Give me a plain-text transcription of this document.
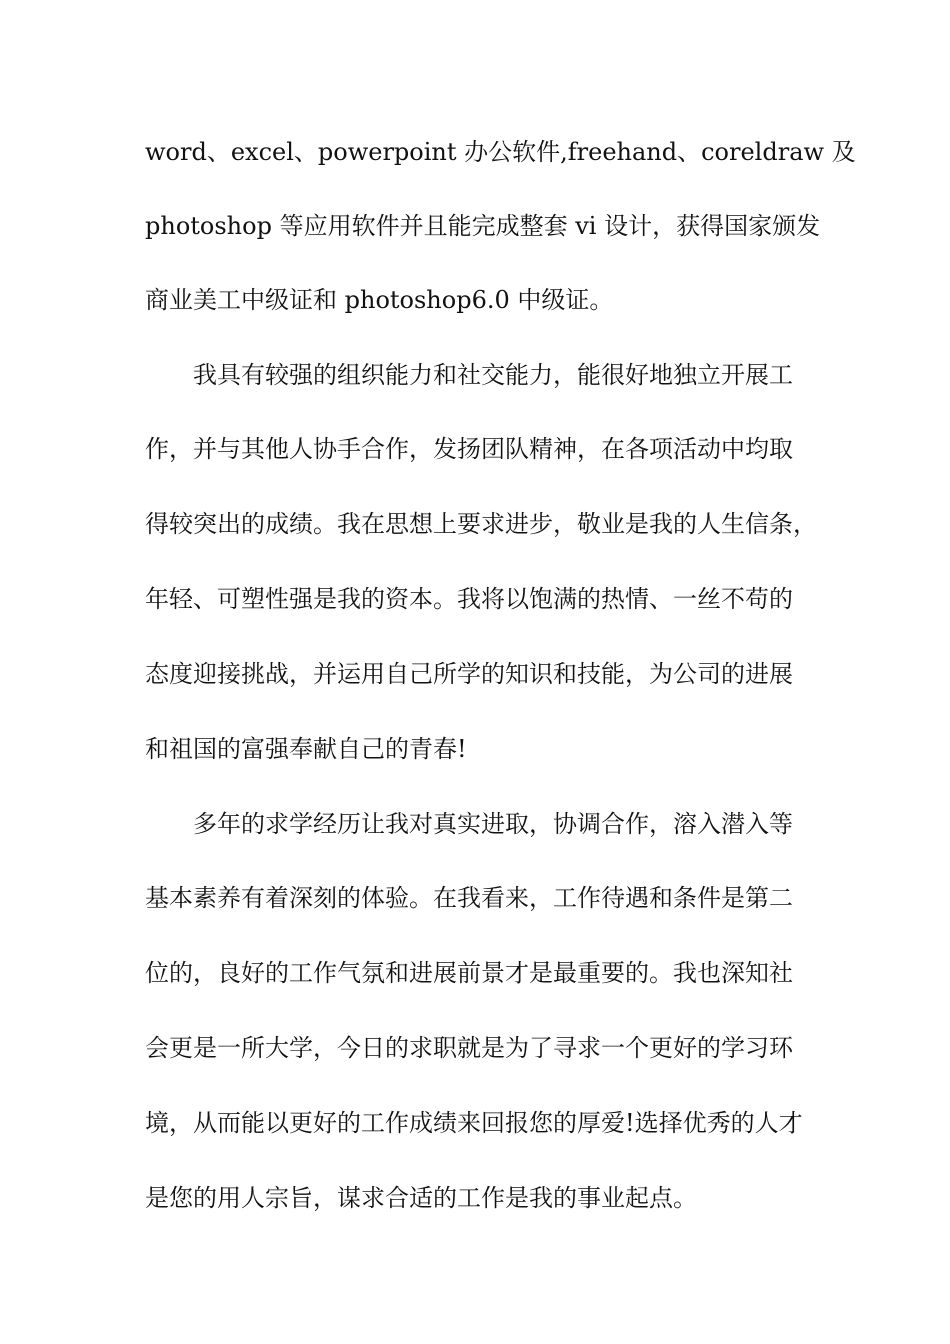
word、excel、powerpoint 办公软件,freehand、coreldraw 及
photoshop 等应用软件并且能完成整套 vi 设计，获得国家颁发
商业美工中级证和 photoshop6.0 中级证。
我具有较强的组织能力和社交能力，能很好地独立开展工
作，并与其他人协手合作，发扬团队精神，在各项活动中均取
得较突出的成绩。我在思想上要求进步，敬业是我的人生信条，
年轻、可塑性强是我的资本。我将以饱满的热情、一丝不苟的
态度迎接挑战，并运用自己所学的知识和技能，为公司的进展
和祖国的富强奉献自己的青春!
多年的求学经历让我对真实进取，协调合作，溶入潜入等
基本素养有着深刻的体验。在我看来，工作待遇和条件是第二
位的，良好的工作气氛和进展前景才是最重要的。我也深知社
会更是一所大学，今日的求职就是为了寻求一个更好的学习环
境，从而能以更好的工作成绩来回报您的厚爱!选择优秀的人才
是您的用人宗旨，谋求合适的工作是我的事业起点。
